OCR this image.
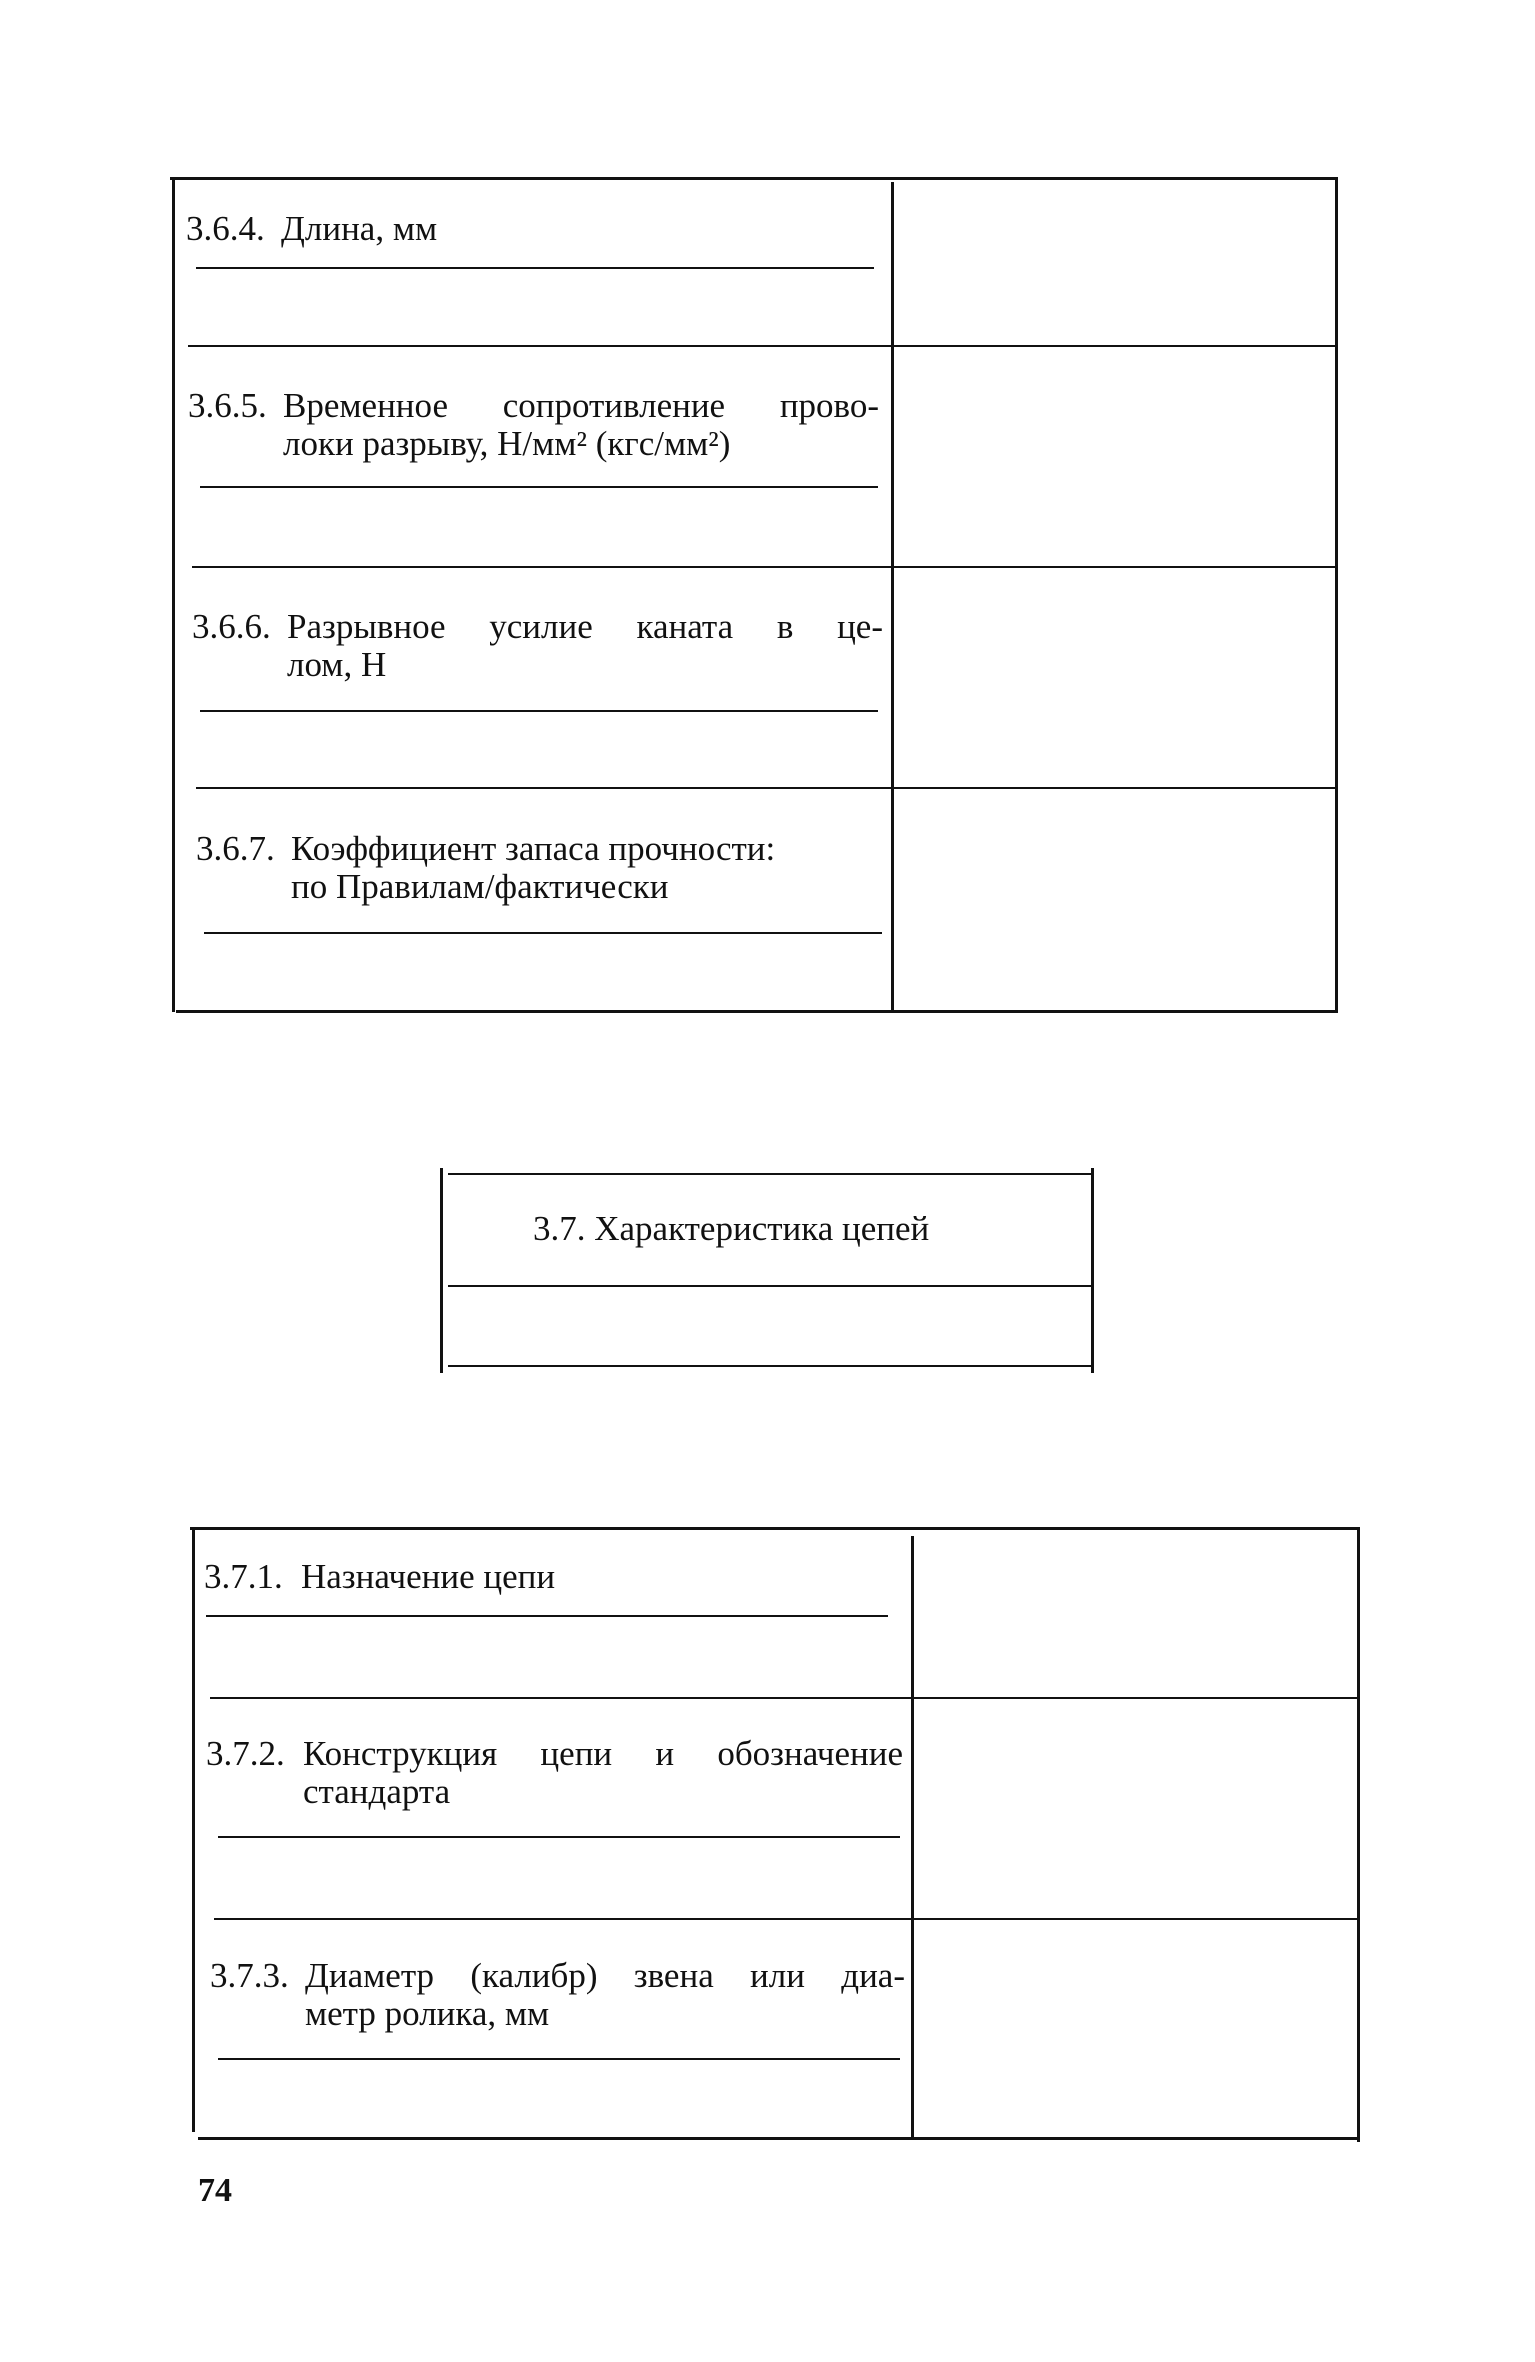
3.6.4. Длина, мм
3.6.5. Временное сопротивление прово-
локи разрыву, Н/мм² (кгс/мм²)
3.6.6. Разрывное усилие каната в це-
лом, Н
3.6.7. Коэффициент запаса прочности:
по Правилам/фактически
3.7. Характеристика цепей
3.7.1. Назначение цепи
3.7.2. Конструкция цепи и обозначение
стандарта
3.7.3. Диаметр (калибр) звена или диа-
метр ролика, мм
74
